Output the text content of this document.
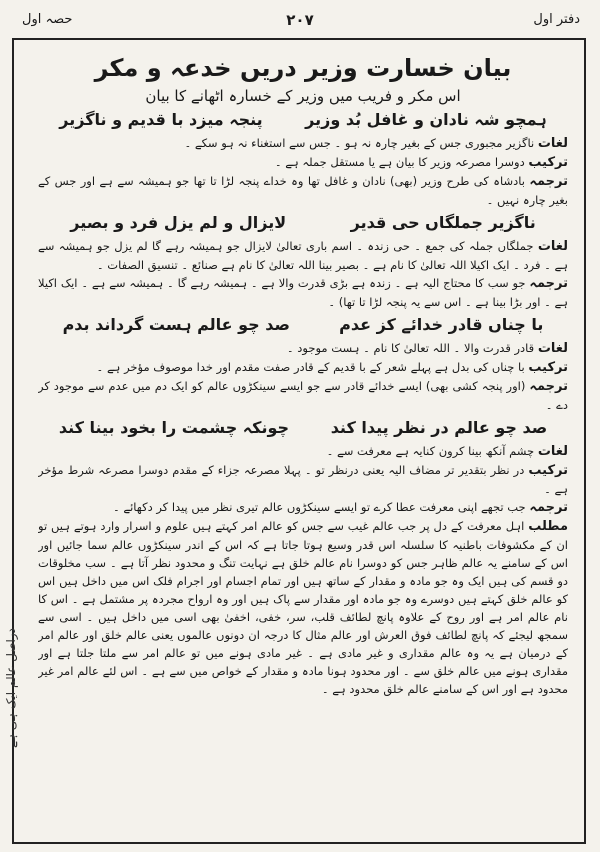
دفتر اول
۲۰۷
حصہ اول
بیان خسارت وزیر دریں خدعہ و مکر
اس مکر و فریب میں وزیر کے خسارہ اٹھانے کا بیان
ہمچو شہ نادان و غافل بُد وزیر
پنجہ میزد با قدیم و ناگزیر

لغات ناگزیر مجبوری جس کے بغیر چارہ نہ ہو ۔ جس سے استغناء نہ ہو سکے ۔

ترکیب دوسرا مصرعہ وزیر کا بیان ہے یا مستقل جملہ ہے ۔

ترجمہ بادشاہ کی طرح وزیر (بھی) نادان و غافل تھا وہ خداے پنجہ لڑا تا تھا جو ہمیشہ سے ہے اور جس کے بغیر چارہ نہیں ۔

ناگزیر جملگاں حی قدیر
لایزال و لم یزل فرد و بصیر

لغات جملگاں جملہ کی جمع ۔ حی زندہ ۔ اسم باری تعالیٰ لایزال جو ہمیشہ رہے گا لم یزل جو ہمیشہ سے ہے ۔ فرد ۔ ایک اکیلا اللہ تعالیٰ کا نام ہے ۔ بصیر بینا اللہ تعالیٰ کا نام ہے صنائع ۔ تنسیق الصفات ۔

ترجمہ جو سب کا محتاج الیہ ہے ۔ زندہ ہے بڑی قدرت والا ہے ۔ ہمیشہ رہے گا ۔ ہمیشہ سے ہے ۔ ایک اکیلا ہے ۔ اور بڑا بینا ہے ۔ اس سے یہ پنجہ لڑا تا تھا) ۔

با چناں قادر خدائے کز عدم
صد چو عالم ہست گرداند بدم

لغات قادر قدرت والا ۔ اللہ تعالیٰ کا نام ۔ ہست موجود ۔

ترکیب با چناں کی بدل ہے پہلے شعر کے با قدیم کے قادر صفت مقدم اور خدا موصوف مؤخر ہے ۔

ترجمہ (اور پنجہ کشی بھی) ایسے خدائے قادر سے جو ایسے سینکڑوں عالم کو ایک دم میں عدم سے موجود کر دے ۔

صد چو عالم در نظر پیدا کند
چونکہ چشمت را بخود بینا کند

لغات چشم آنکھ بینا کرون کنایہ ہے معرفت سے ۔

ترکیب در نظر بتقدیر تر مضاف الیہ یعنی درنظر تو ۔ پہلا مصرعہ جزاء کے مقدم دوسرا مصرعہ شرط مؤخر ہے ۔

ترجمہ جب تجھے اپنی معرفت عطا کرے تو ایسے سینکڑوں عالم تیری نظر میں پیدا کر دکھائے ۔

مطلب اہل معرفت کے دل پر جب عالم غیب سے جس کو عالم امر کہتے ہیں علوم و اسرار وارد ہوتے ہیں تو ان کے مکشوفات باطنیہ کا سلسلہ اس قدر وسیع ہوتا جاتا ہے کہ اس کے اندر سینکڑوں عالم سما جائیں اور اس کے سامنے یہ عالم ظاہر جس کو دوسرا نام عالم خلق ہے نہایت تنگ و محدود نظر آتا ہے ۔ سب مخلوقات دو قسم کی ہیں ایک وہ جو مادہ و مقدار کے ساتھ ہیں اور تمام اجسام اور اجرام فلک اس میں داخل ہیں اس کو عالم خلق کہتے ہیں دوسرے وہ جو مادہ اور مقدار سے پاک ہیں اور وہ ارواح مجردہ پر مشتمل ہے ۔ اس کا نام عالم امر ہے اور روح کے علاوہ پانچ لطائف قلب، سر، خفی، اخفیٰ بھی اسی میں داخل ہیں ۔ اسی سے سمجھ لیجئے کہ پانچ لطائف فوق العرش اور عالم مثال کا درجہ ان دونوں عالموں یعنی عالم خلق اور عالم امر کے درمیان ہے یہ وہ عالم مقداری و غیر مادی ہے ۔ غیر مادی ہونے میں تو عالم امر سے ملتا جلتا ہے اور مقداری ہونے میں عالم خلق سے ۔ اور محدود ہونا مادہ و مقدار کے خواص میں سے ہے ۔ اس لئے عالم امر غیر محدود ہے اور اس کے سامنے عالم خلق محدود ہے ۔

دراصل عالم ایک ہی ہے
